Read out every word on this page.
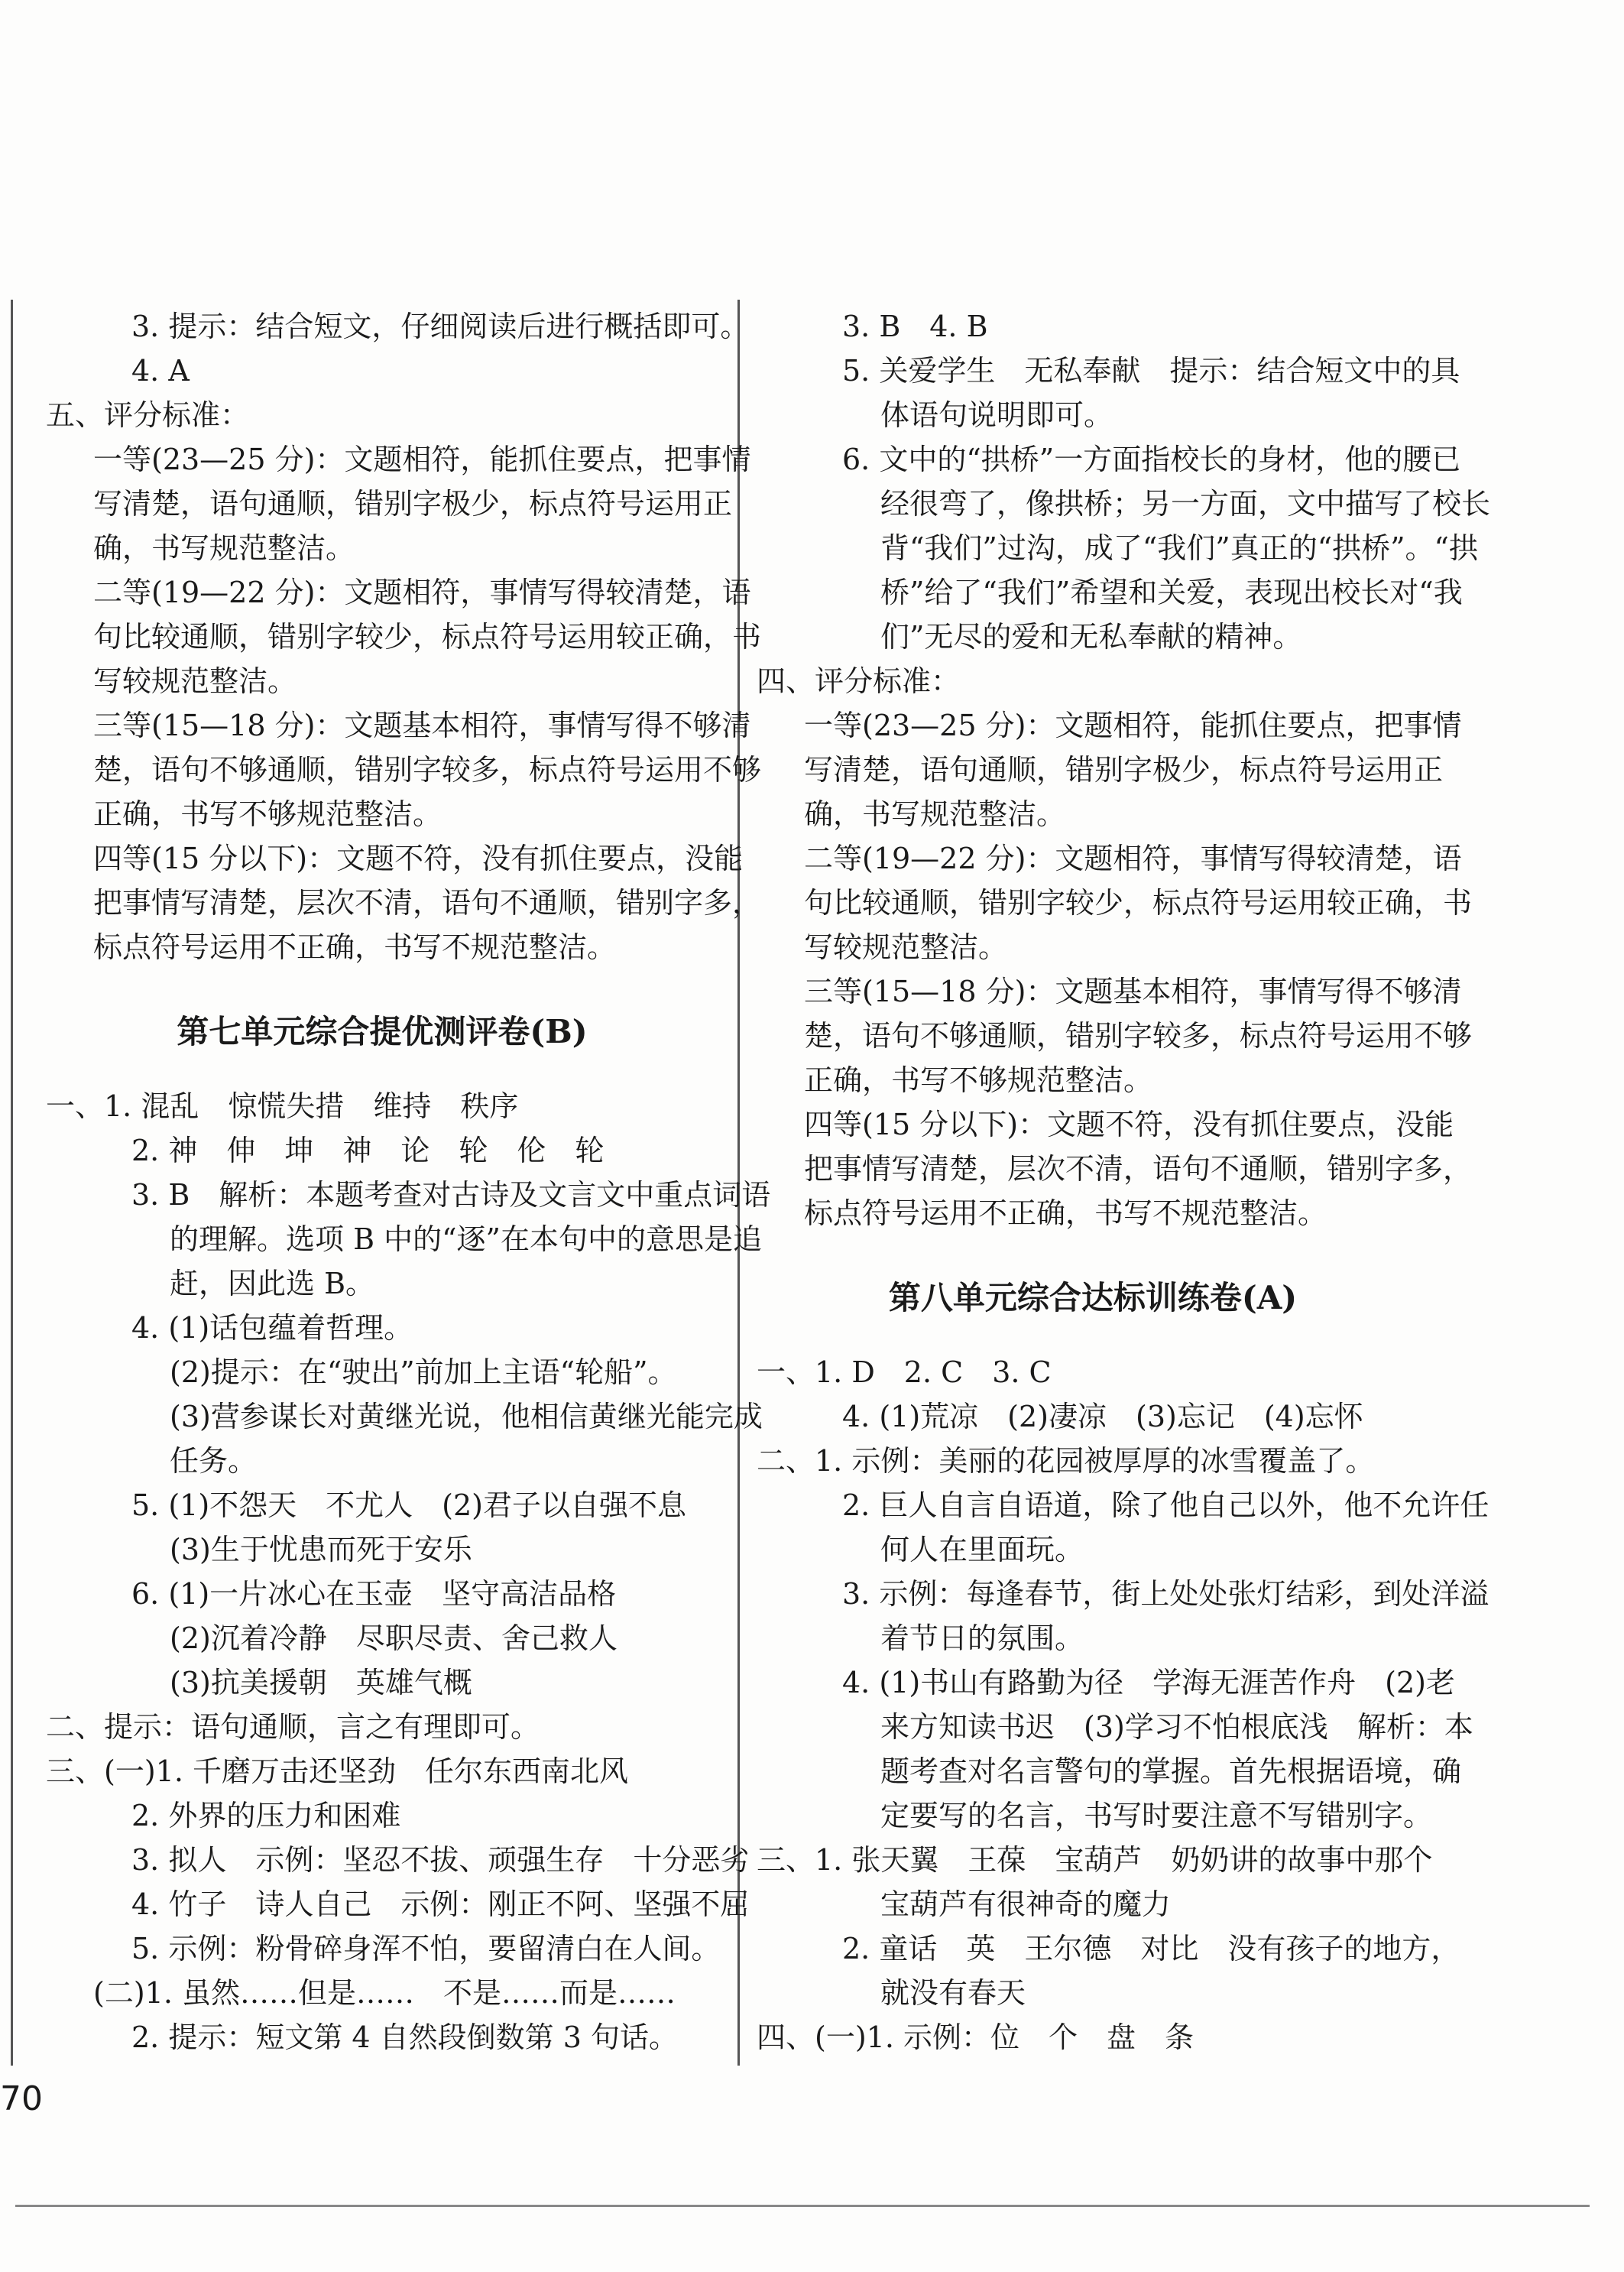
3. 提示：结合短文，仔细阅读后进行概括即可。
4. A
五、评分标准：
一等(23—25 分)：文题相符，能抓住要点，把事情
写清楚，语句通顺，错别字极少，标点符号运用正
确，书写规范整洁。
二等(19—22 分)：文题相符，事情写得较清楚，语
句比较通顺，错别字较少，标点符号运用较正确，书
写较规范整洁。
三等(15—18 分)：文题基本相符，事情写得不够清
楚，语句不够通顺，错别字较多，标点符号运用不够
正确，书写不够规范整洁。
四等(15 分以下)：文题不符，没有抓住要点，没能
把事情写清楚，层次不清，语句不通顺，错别字多，
标点符号运用不正确，书写不规范整洁。
第七单元综合提优测评卷(B)
一、1. 混乱　惊慌失措　维持　秩序
2. 神　伸　坤　神　论　轮　伦　轮
3. B　解析：本题考查对古诗及文言文中重点词语
的理解。选项 B 中的“逐”在本句中的意思是追
赶，因此选 B。
4. (1)话包蕴着哲理。
(2)提示：在“驶出”前加上主语“轮船”。
(3)营参谋长对黄继光说，他相信黄继光能完成
任务。
5. (1)不怨天　不尤人　(2)君子以自强不息
(3)生于忧患而死于安乐
6. (1)一片冰心在玉壶　坚守高洁品格
(2)沉着冷静　尽职尽责、舍己救人
(3)抗美援朝　英雄气概
二、提示：语句通顺，言之有理即可。
三、(一)1. 千磨万击还坚劲　任尔东西南北风
2. 外界的压力和困难
3. 拟人　示例：坚忍不拔、顽强生存　十分恶劣
4. 竹子　诗人自己　示例：刚正不阿、坚强不屈
5. 示例：粉骨碎身浑不怕，要留清白在人间。
(二)1. 虽然……但是……　不是……而是……
2. 提示：短文第 4 自然段倒数第 3 句话。
3. B　4. B
5. 关爱学生　无私奉献　提示：结合短文中的具
体语句说明即可。
6. 文中的“拱桥”一方面指校长的身材，他的腰已
经很弯了，像拱桥；另一方面，文中描写了校长
背“我们”过沟，成了“我们”真正的“拱桥”。“拱
桥”给了“我们”希望和关爱，表现出校长对“我
们”无尽的爱和无私奉献的精神。
四、评分标准：
一等(23—25 分)：文题相符，能抓住要点，把事情
写清楚，语句通顺，错别字极少，标点符号运用正
确，书写规范整洁。
二等(19—22 分)：文题相符，事情写得较清楚，语
句比较通顺，错别字较少，标点符号运用较正确，书
写较规范整洁。
三等(15—18 分)：文题基本相符，事情写得不够清
楚，语句不够通顺，错别字较多，标点符号运用不够
正确，书写不够规范整洁。
四等(15 分以下)：文题不符，没有抓住要点，没能
把事情写清楚，层次不清，语句不通顺，错别字多，
标点符号运用不正确，书写不规范整洁。
第八单元综合达标训练卷(A)
一、1. D　2. C　3. C
4. (1)荒凉　(2)凄凉　(3)忘记　(4)忘怀
二、1. 示例：美丽的花园被厚厚的冰雪覆盖了。
2. 巨人自言自语道，除了他自己以外，他不允许任
何人在里面玩。
3. 示例：每逢春节，街上处处张灯结彩，到处洋溢
着节日的氛围。
4. (1)书山有路勤为径　学海无涯苦作舟　(2)老
来方知读书迟　(3)学习不怕根底浅　解析：本
题考查对名言警句的掌握。首先根据语境，确
定要写的名言，书写时要注意不写错别字。
三、1. 张天翼　王葆　宝葫芦　奶奶讲的故事中那个
宝葫芦有很神奇的魔力
2. 童话　英　王尔德　对比　没有孩子的地方，
就没有春天
四、(一)1. 示例：位　个　盘　条
70
